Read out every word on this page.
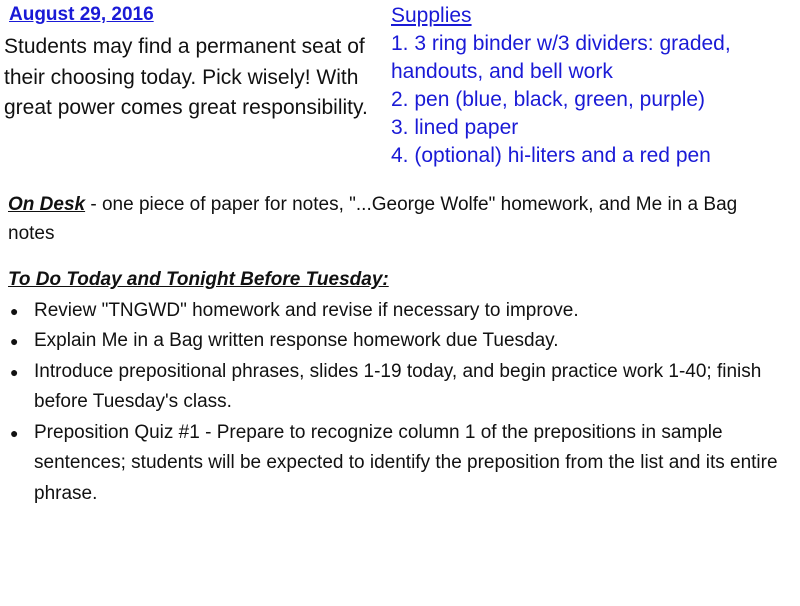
August 29, 2016

Students may find a permanent seat of their choosing today. Pick wisely! With great power comes great responsibility.

Supplies
1. 3 ring binder w/3 dividers: graded, handouts, and bell work
2. pen (blue, black, green, purple)
3. lined paper
4. (optional) hi-liters and a red pen

On Desk - one piece of paper for notes, "...George Wolfe" homework, and Me in a Bag notes

To Do Today and Tonight Before Tuesday:
● Review "TNGWD" homework and revise if necessary to improve.
● Explain Me in a Bag written response homework due Tuesday.
● Introduce prepositional phrases, slides 1-19 today, and begin practice work 1-40; finish before Tuesday's class.
● Preposition Quiz #1 - Prepare to recognize column 1 of the prepositions in sample sentences; students will be expected to identify the preposition from the list and its entire phrase.
